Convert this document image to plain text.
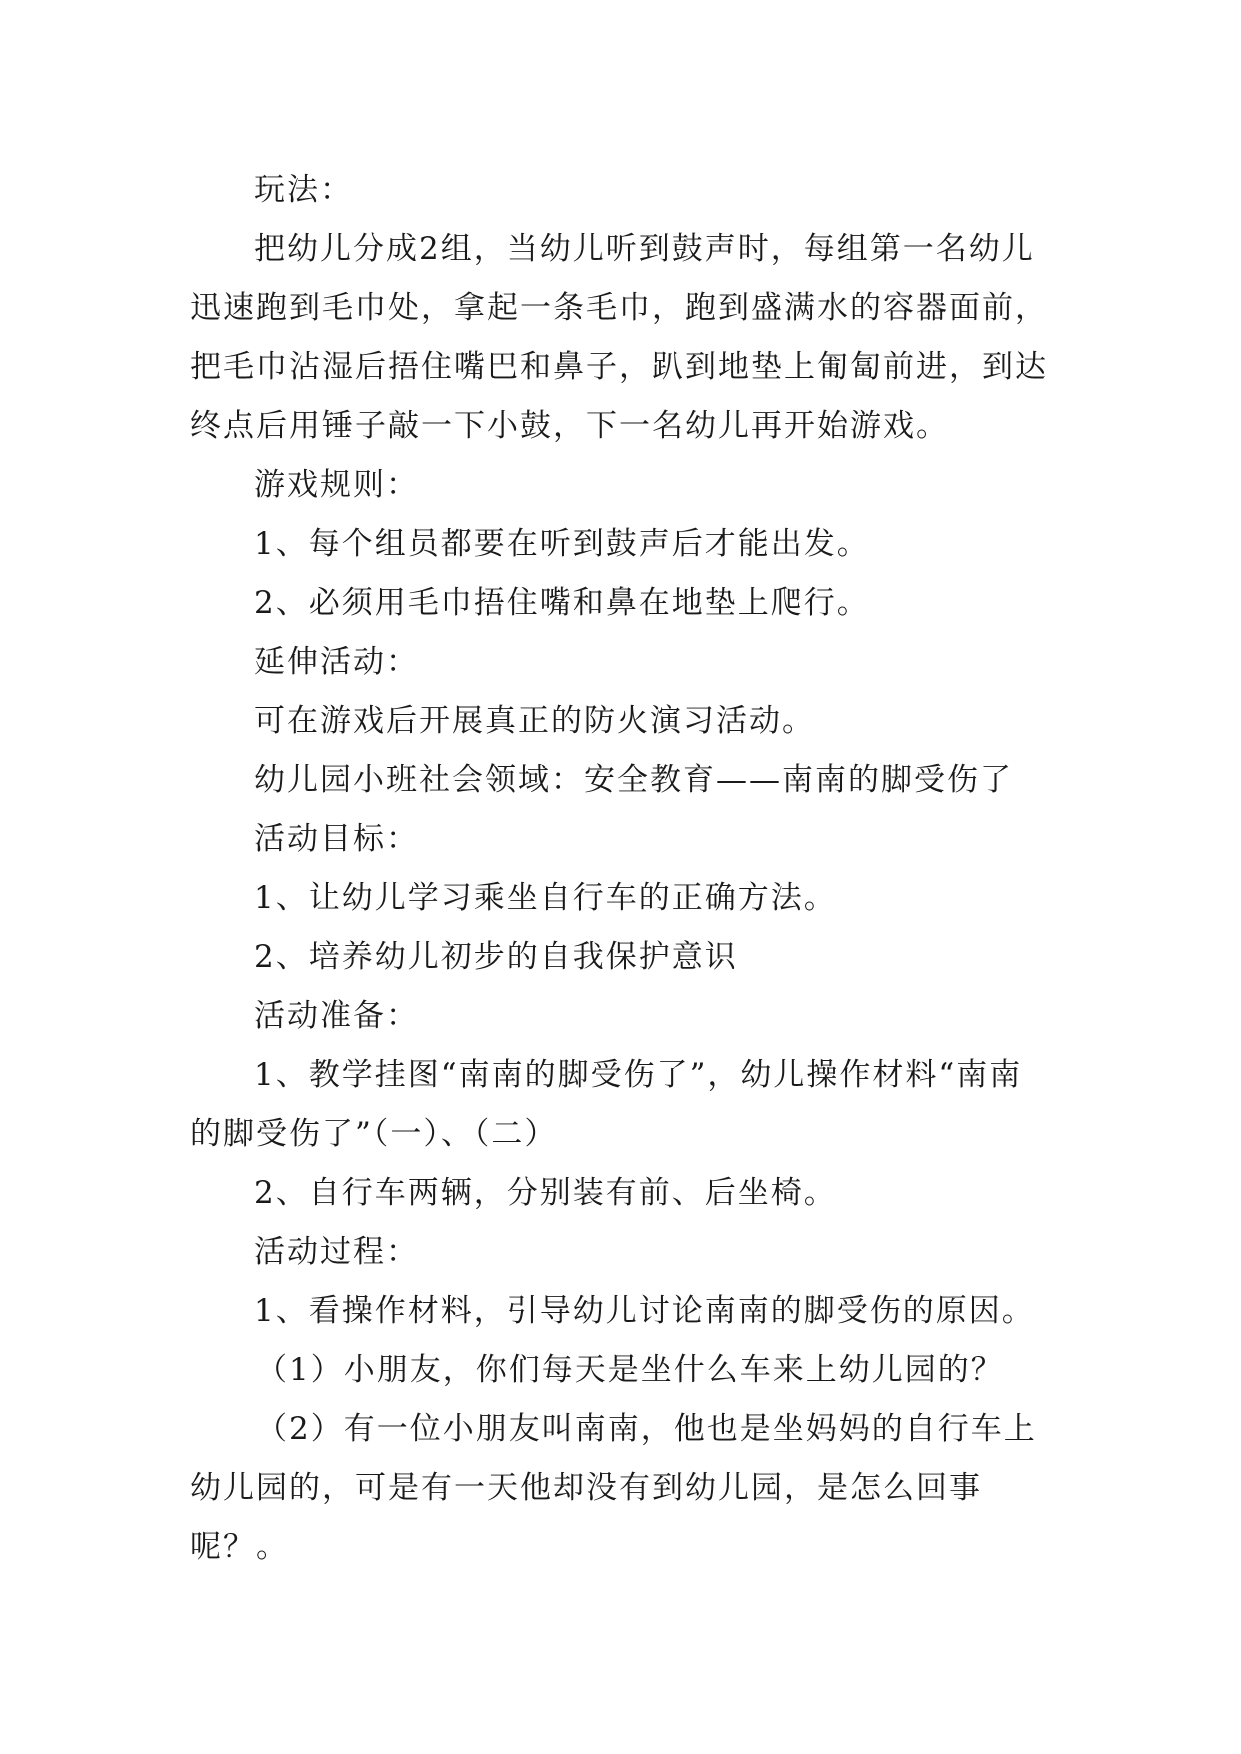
玩法：

把幼儿分成2组，当幼儿听到鼓声时，每组第一名幼儿

迅速跑到毛巾处，拿起一条毛巾，跑到盛满水的容器面前，

把毛巾沾湿后捂住嘴巴和鼻子，趴到地垫上匍匐前进，到达

终点后用锤子敲一下小鼓，下一名幼儿再开始游戏。

游戏规则：

1、每个组员都要在听到鼓声后才能出发。

2、必须用毛巾捂住嘴和鼻在地垫上爬行。

延伸活动：

可在游戏后开展真正的防火演习活动。

幼儿园小班社会领域：安全教育——南南的脚受伤了

活动目标：

1、让幼儿学习乘坐自行车的正确方法。

2、培养幼儿初步的自我保护意识

活动准备：

1、教学挂图“南南的脚受伤了”，幼儿操作材料“南南

的脚受伤了”（一）、（二）

2、自行车两辆，分别装有前、后坐椅。

活动过程：

1、看操作材料，引导幼儿讨论南南的脚受伤的原因。

（1）小朋友，你们每天是坐什么车来上幼儿园的？

（2）有一位小朋友叫南南，他也是坐妈妈的自行车上

幼儿园的，可是有一天他却没有到幼儿园，是怎么回事

呢？。
